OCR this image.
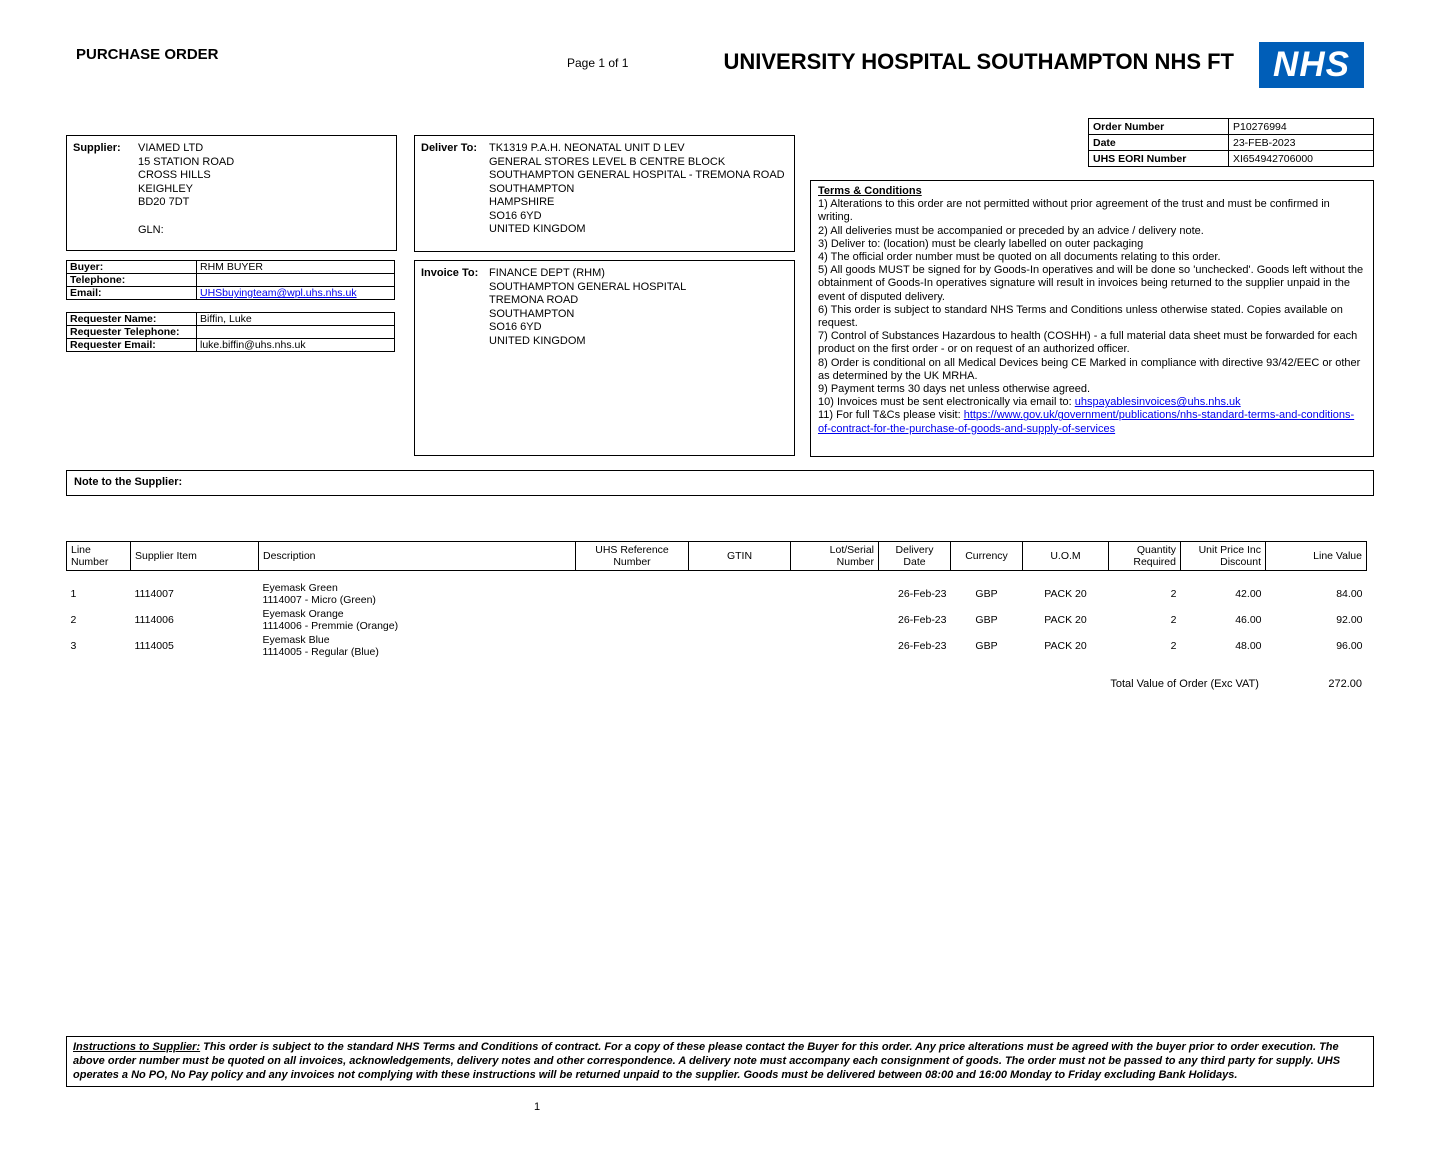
PURCHASE ORDER	Page 1 of 1	UNIVERSITY HOSPITAL SOUTHAMPTON NHS FT NHS
Order Number	P10276994
Date	23-FEB-2023
UHS EORI Number	XI654942706000
Supplier: VIAMED LTD
15 STATION ROAD
CROSS HILLS
KEIGHLEY
BD20 7DT
GLN:
Deliver To: TK1319 P.A.H. NEONATAL UNIT D LEV
GENERAL STORES LEVEL B CENTRE BLOCK
SOUTHAMPTON GENERAL HOSPITAL - TREMONA ROAD
SOUTHAMPTON
HAMPSHIRE
SO16 6YD
UNITED KINGDOM
Buyer:	RHM BUYER
Telephone:	
Email:	UHSbuyingteam@wpl.uhs.nhs.uk
Requester Name:	Biffin, Luke
Requester Telephone:	
Requester Email:	luke.biffin@uhs.nhs.uk
Invoice To: FINANCE DEPT (RHM)
SOUTHAMPTON GENERAL HOSPITAL
TREMONA ROAD
SOUTHAMPTON
SO16 6YD
UNITED KINGDOM
Terms & Conditions
1) Alterations to this order are not permitted without prior agreement of the trust and must be confirmed in writing.
2) All deliveries must be accompanied or preceded by an advice / delivery note.
3) Deliver to: (location) must be clearly labelled on outer packaging
4) The official order number must be quoted on all documents relating to this order.
5) All goods MUST be signed for by Goods-In operatives and will be done so 'unchecked'. Goods left without the obtainment of Goods-In operatives signature will result in invoices being returned to the supplier unpaid in the event of disputed delivery.
6) This order is subject to standard NHS Terms and Conditions unless otherwise stated. Copies available on request.
7) Control of Substances Hazardous to health (COSHH) - a full material data sheet must be forwarded for each product on the first order - or on request of an authorized officer.
8) Order is conditional on all Medical Devices being CE Marked in compliance with directive 93/42/EEC or other as determined by the UK MRHA.
9) Payment terms 30 days net unless otherwise agreed.
10) Invoices must be sent electronically via email to: uhspayablesinvoices@uhs.nhs.uk
11) For full T&Cs please visit: https://www.gov.uk/government/publications/nhs-standard-terms-and-conditions-of-contract-for-the-purchase-of-goods-and-supply-of-services
Note to the Supplier:
Line Number	Supplier Item	Description	UHS Reference Number	GTIN	Lot/Serial Number	Delivery Date	Currency	U.O.M	Quantity Required	Unit Price Inc Discount	Line Value
1	1114007	Eyemask Green
1114007 - Micro (Green)				26-Feb-23	GBP	PACK 20	2	42.00	84.00
2	1114006	Eyemask Orange
1114006 - Premmie (Orange)				26-Feb-23	GBP	PACK 20	2	46.00	92.00
3	1114005	Eyemask Blue
1114005 - Regular (Blue)				26-Feb-23	GBP	PACK 20	2	48.00	96.00
Total Value of Order (Exc VAT)	272.00
Instructions to Supplier: This order is subject to the standard NHS Terms and Conditions of contract. For a copy of these please contact the Buyer for this order. Any price alterations must be agreed with the buyer prior to order execution. The above order number must be quoted on all invoices, acknowledgements, delivery notes and other correspondence. A delivery note must accompany each consignment of goods. The order must not be passed to any third party for supply. UHS operates a No PO, No Pay policy and any invoices not complying with these instructions will be returned unpaid to the supplier. Goods must be delivered between 08:00 and 16:00 Monday to Friday excluding Bank Holidays.
1
